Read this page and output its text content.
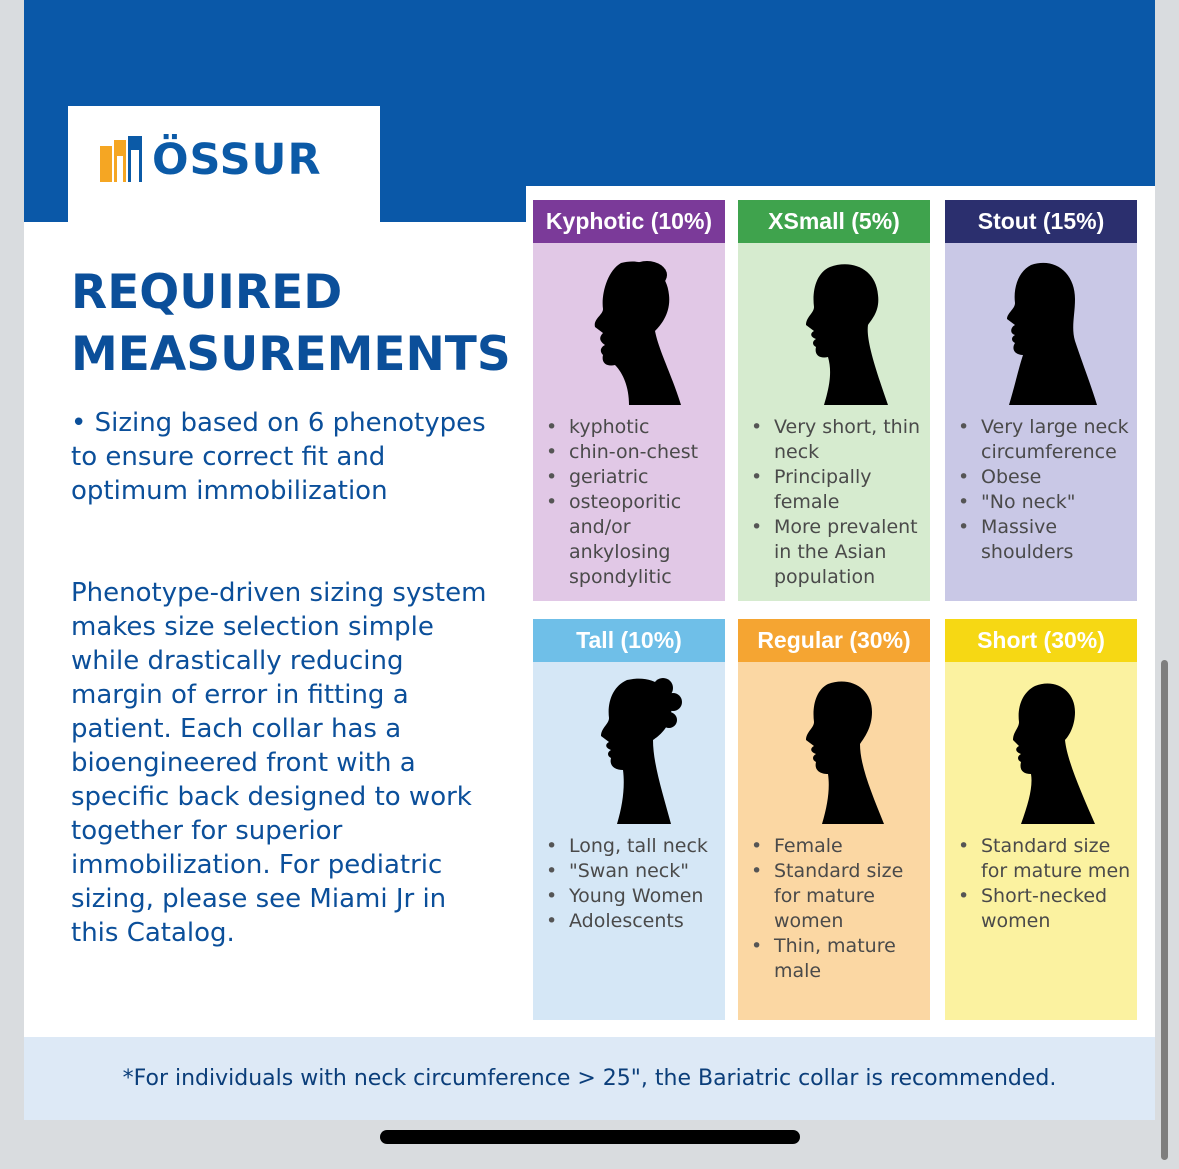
ÖSSUR
REQUIRED
MEASUREMENTS
• Sizing based on 6 phenotypes to ensure correct fit and optimum immobilization
Phenotype-driven sizing system makes size selection simple while drastically reducing margin of error in fitting a patient. Each collar has a bioengineered front with a specific back designed to work together for superior immobilization. For pediatric sizing, please see Miami Jr in this Catalog.
Kyphotic (10%)
• kyphotic
• chin-on-chest
• geriatric
• osteoporitic and/or ankylosing spondylitic
XSmall (5%)
• Very short, thin neck
• Principally female
• More prevalent in the Asian population
Stout (15%)
• Very large neck circumference
• Obese
• "No neck"
• Massive shoulders
Tall (10%)
• Long, tall neck
• "Swan neck"
• Young Women
• Adolescents
Regular (30%)
• Female
• Standard size for mature women
• Thin, mature male
Short (30%)
• Standard size for mature men
• Short-necked women
*For individuals with neck circumference > 25", the Bariatric collar is recommended.
